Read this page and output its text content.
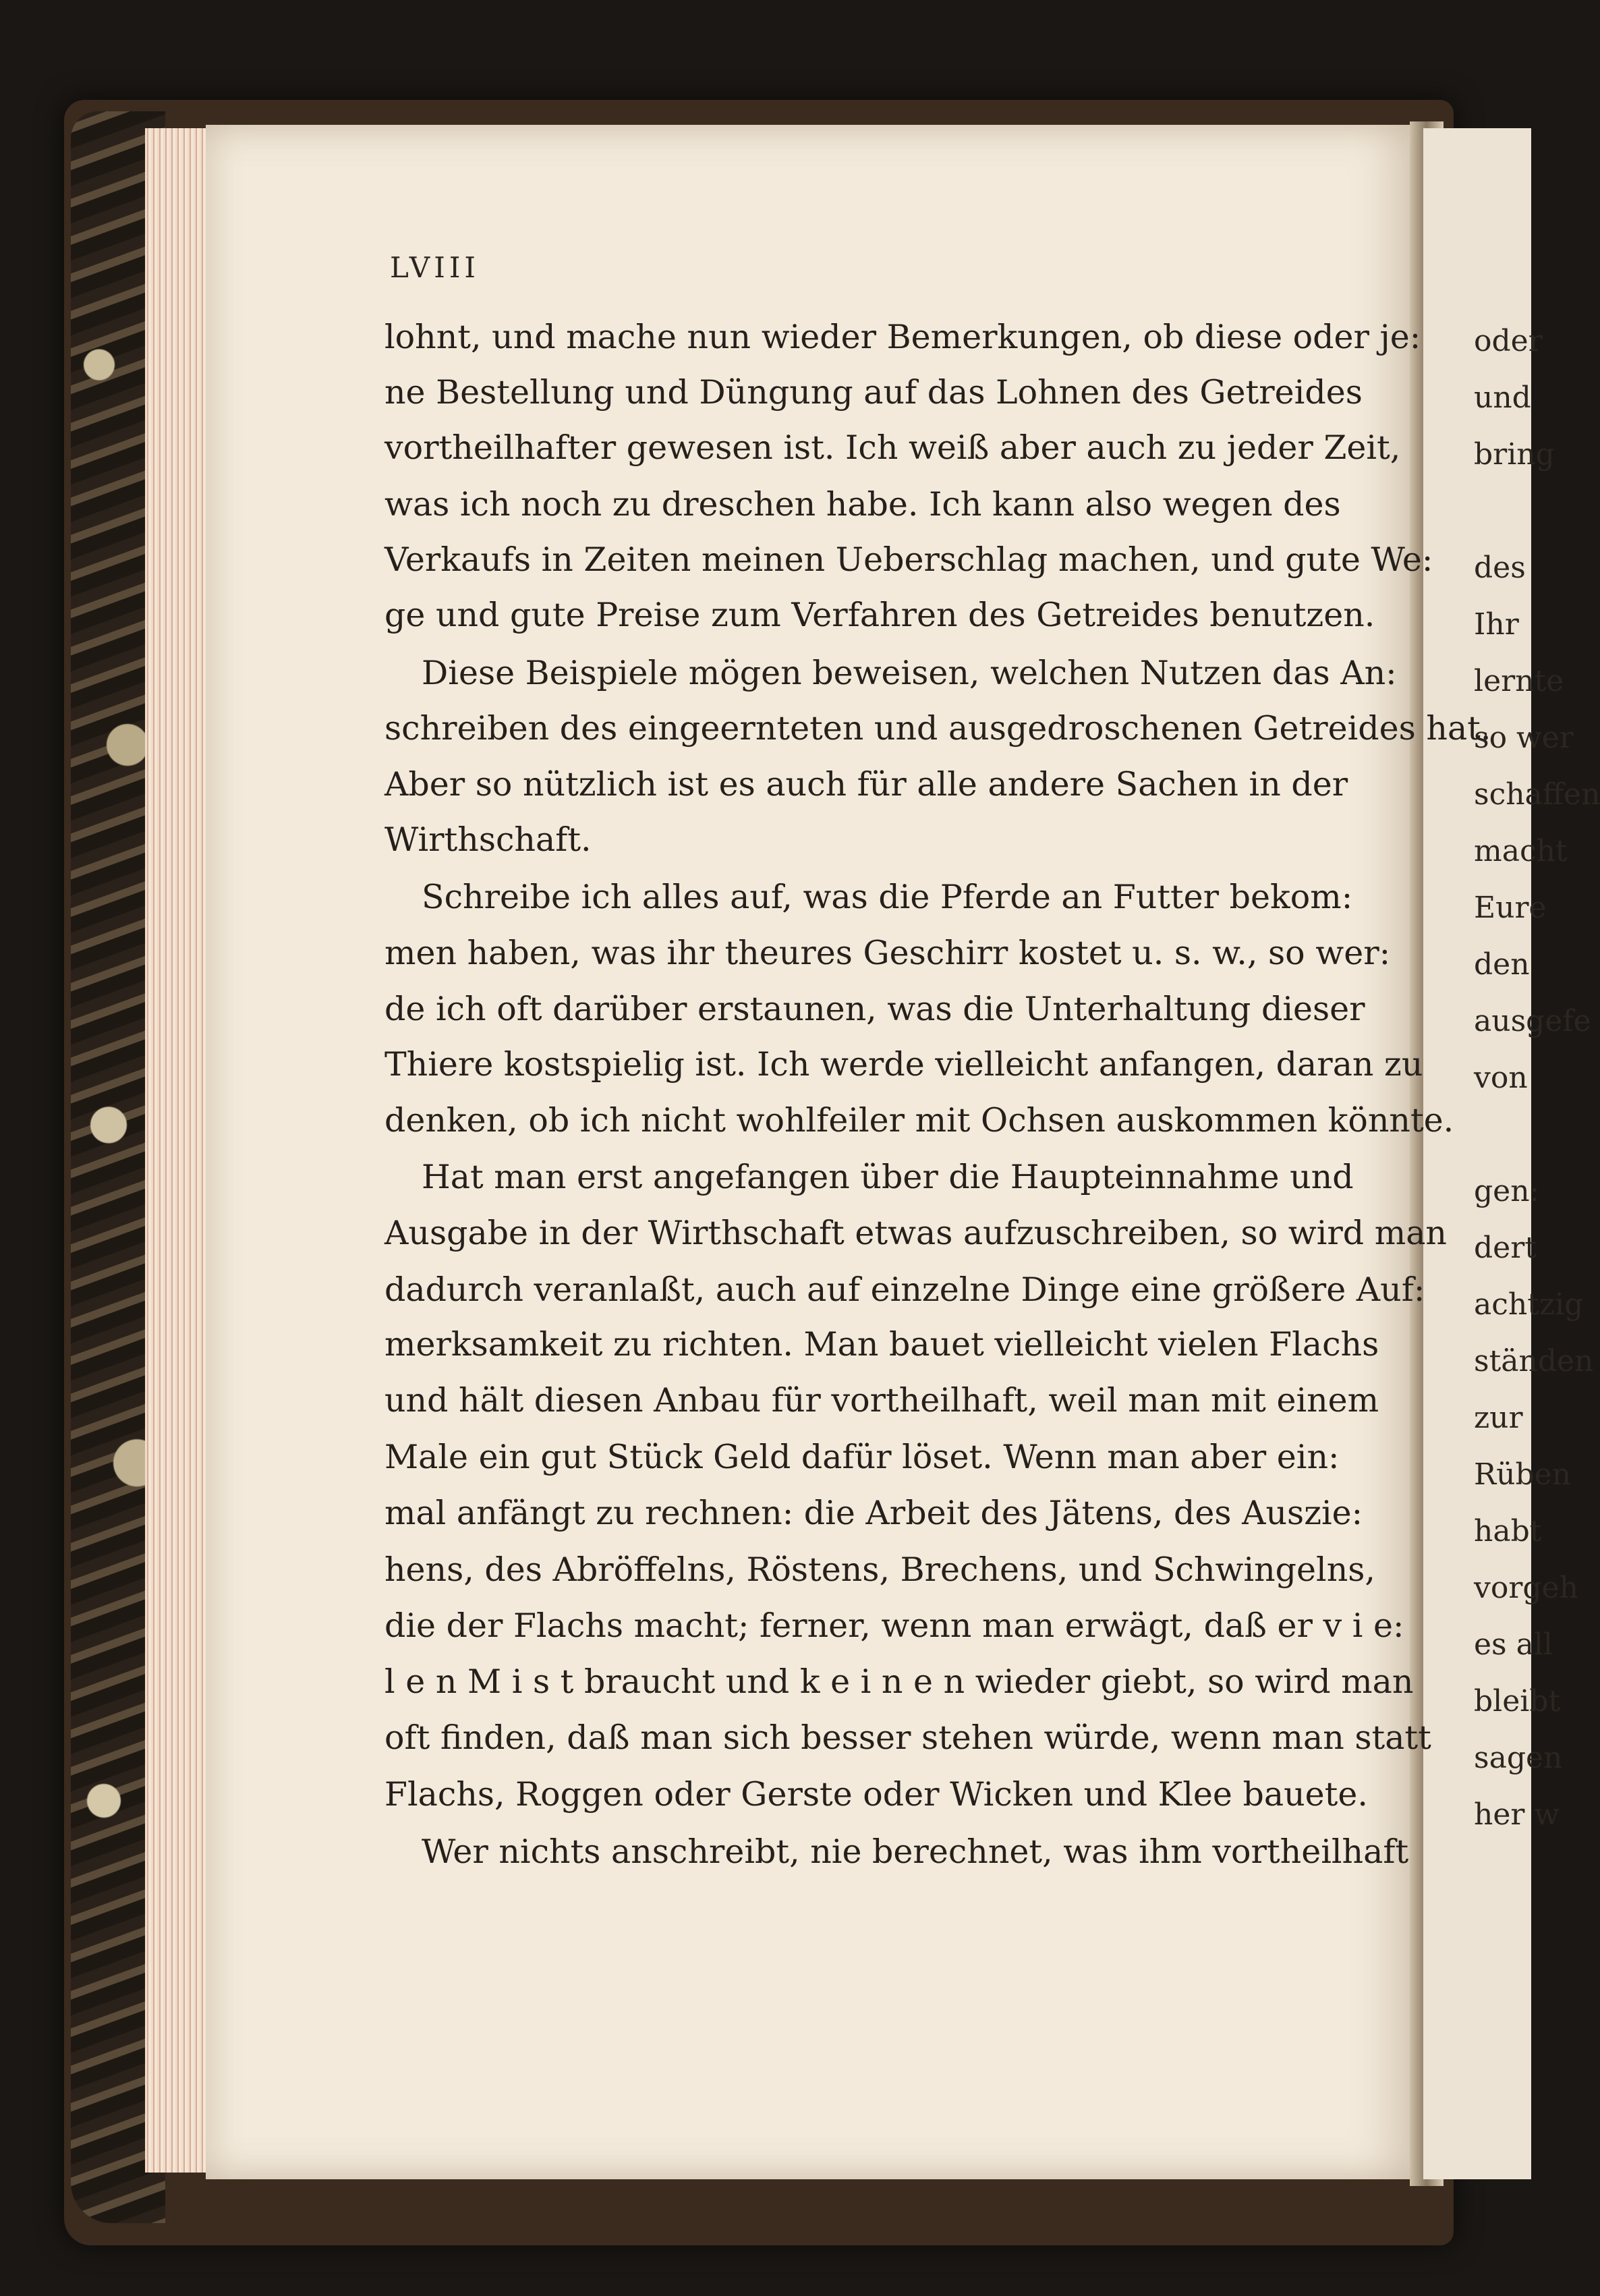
oder
und
bring
des
Ihr
lernte
so wer
schaffen
macht
Eure
den
ausgefe
von
gen:
dert
achtzig
ständen
zur
Rüben
habt
vorgeh
es all
bleibt
sagen
her w
LVIII
lohnt, und mache nun wieder Bemerkungen, ob diese oder je:
ne Bestellung und Düngung auf das Lohnen des Getreides
vortheilhafter gewesen ist. Ich weiß aber auch zu jeder Zeit,
was ich noch zu dreschen habe. Ich kann also wegen des
Verkaufs in Zeiten meinen Ueberschlag machen, und gute We:
ge und gute Preise zum Verfahren des Getreides benutzen.
Diese Beispiele mögen beweisen, welchen Nutzen das An:
schreiben des eingeernteten und ausgedroschenen Getreides hat.
Aber so nützlich ist es auch für alle andere Sachen in der
Wirthschaft.
Schreibe ich alles auf, was die Pferde an Futter bekom:
men haben, was ihr theures Geschirr kostet u. s. w., so wer:
de ich oft darüber erstaunen, was die Unterhaltung dieser
Thiere kostspielig ist. Ich werde vielleicht anfangen, daran zu
denken, ob ich nicht wohlfeiler mit Ochsen auskommen könnte.
Hat man erst angefangen über die Haupteinnahme und
Ausgabe in der Wirthschaft etwas aufzuschreiben, so wird man
dadurch veranlaßt, auch auf einzelne Dinge eine größere Auf:
merksamkeit zu richten. Man bauet vielleicht vielen Flachs
und hält diesen Anbau für vortheilhaft, weil man mit einem
Male ein gut Stück Geld dafür löset. Wenn man aber ein:
mal anfängt zu rechnen: die Arbeit des Jätens, des Auszie:
hens, des Abröffelns, Röstens, Brechens, und Schwingelns,
die der Flachs macht; ferner, wenn man erwägt, daß er v i e:
l e n M i s t braucht und k e i n e n wieder giebt, so wird man
oft finden, daß man sich besser stehen würde, wenn man statt
Flachs, Roggen oder Gerste oder Wicken und Klee bauete.
Wer nichts anschreibt, nie berechnet, was ihm vortheilhaft
